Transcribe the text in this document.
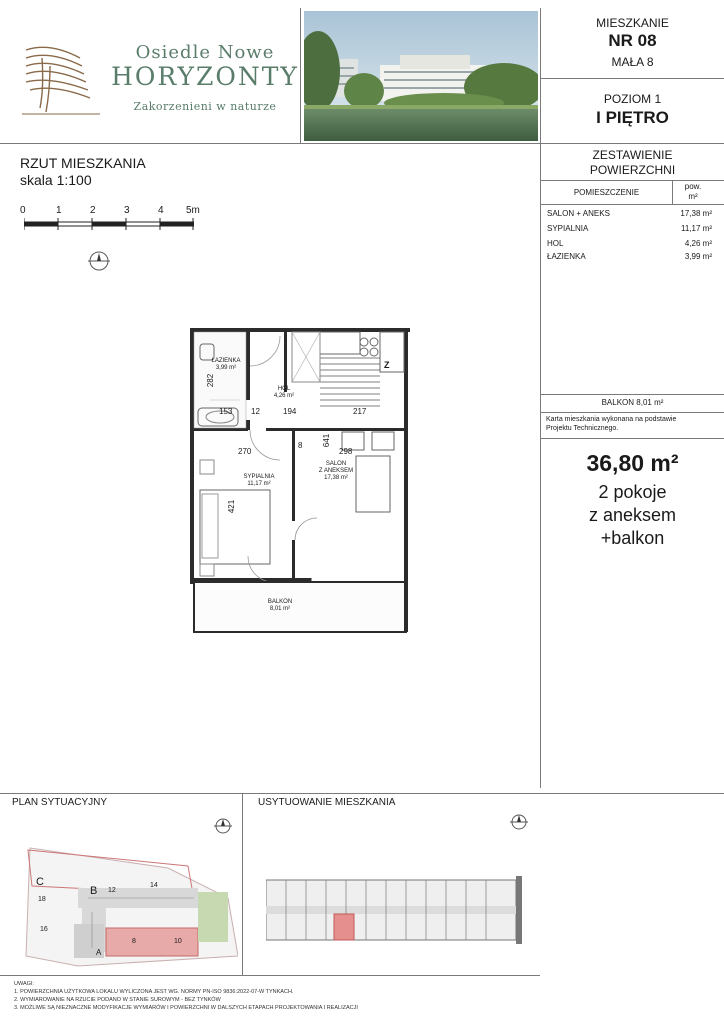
Osiedle Nowe
HORYZONTY
Zakorzenieni w naturze
MIESZKANIE
NR 08
MAŁA 8
POZIOM 1
I PIĘTRO
ZESTAWIENIE
POWIERZCHNI
POMIESZCZENIE
pow.
m²
SALON + ANEKS	17,38 m²
SYPIALNIA	11,17 m²
HOL	4,26 m²
ŁAZIENKA	3,99 m²
BALKON 8,01 m²
Karta mieszkania wykonana na podstawie
Projektu Technicznego.
36,80 m²
2 pokoje
z aneksem
+balkon
RZUT MIESZKANIA
skala 1:100
0	1	2	3	4 5m
ŁAZIENKA
3,99 m²
HOL
4,26 m²
SYPIALNIA
11,17 m²
SALON
Z ANEKSEM
17,38 m²
BALKON
8,01 m²
282
153 12	194	217
270
8 641
298
421
Z
PLAN SYTUACYJNY	USYTUOWANIE MIESZKANIA
C
B 12
14
18
16
A
8	10
UWAGI:
1. POWIERZCHNIA UŻYTKOWA LOKALU WYLICZONA JEST WG. NORMY PN-ISO 9836:2022-07-W TYNKACH.
2. WYMIAROWANIE NA RZUCIE PODANO W STANIE SUROWYM - BEZ TYNKÓW
3. MOŻLIWE SĄ NIEZNACZNE MODYFIKACJE WYMIARÓW I POWIERZCHNI W DALSZYCH ETAPACH PROJEKTOWANIA I REALIZACJI
